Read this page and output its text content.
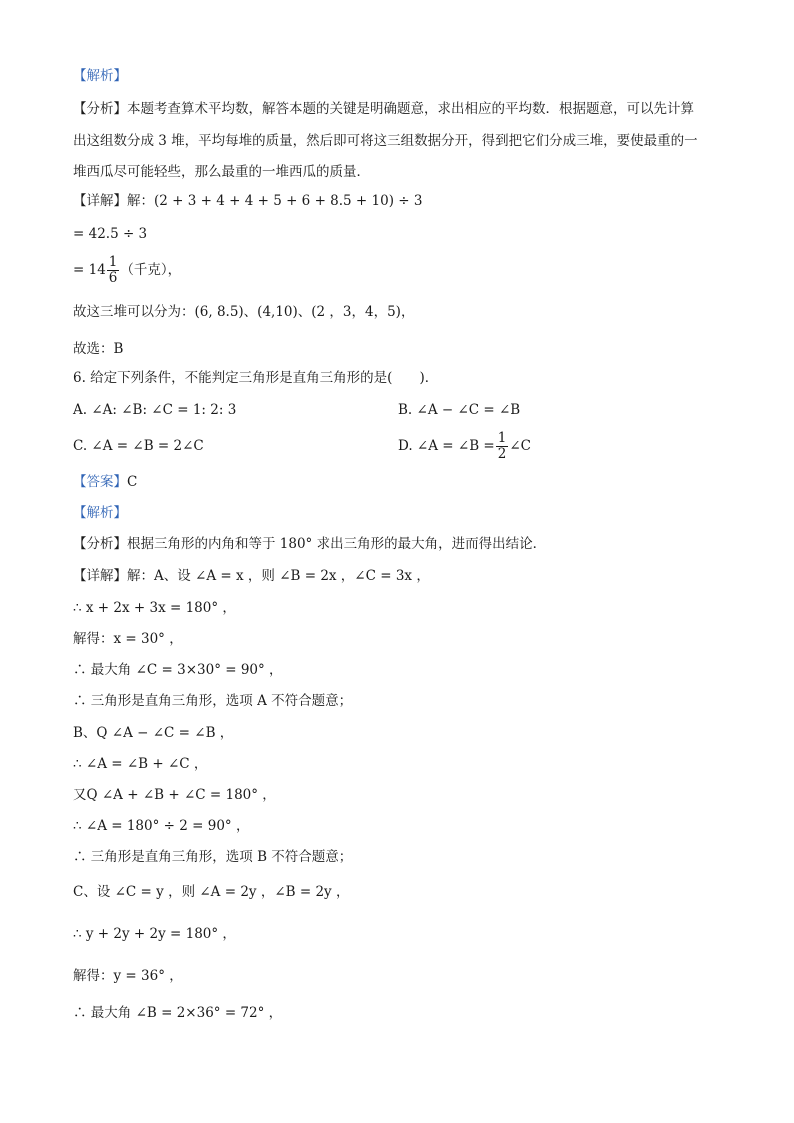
【解析】
【分析】本题考查算术平均数，解答本题的关键是明确题意，求出相应的平均数．根据题意，可以先计算
出这组数分成 3 堆，平均每堆的质量，然后即可将这三组数据分开，得到把它们分成三堆，要使最重的一
堆西瓜尽可能轻些，那么最重的一堆西瓜的质量．
【详解】解：(2 + 3 + 4 + 4 + 5 + 6 + 8.5 + 10) ÷ 3
= 42.5 ÷ 3
= $14 \frac{1}{6}$ （千克），
故这三堆可以分为：(6, 8.5)、(4,10)、(2 ，3，4，5)，
故选：B
6. 给定下列条件，不能判定三角形是直角三角形的是(　　)．
A. ∠A: ∠B: ∠C = 1: 2: 3	B. ∠A − ∠C = ∠B
C. ∠A = ∠B = 2∠C	D. ∠A = ∠B = $\frac{1}{2}$ ∠C
【答案】C
【解析】
【分析】根据三角形的内角和等于 180° 求出三角形的最大角，进而得出结论．
【详解】解：A、设 ∠A = x ，则 ∠B = 2x ，∠C = 3x ，
∴ x + 2x + 3x = 180° ，
解得：x = 30° ，
∴ 最大角 ∠C = 3×30° = 90° ，
∴ 三角形是直角三角形，选项 A 不符合题意；
B、Q ∠A − ∠C = ∠B ，
∴ ∠A = ∠B + ∠C ，
又Q ∠A + ∠B + ∠C = 180° ，
∴ ∠A = 180° ÷ 2 = 90° ，
∴ 三角形是直角三角形，选项 B 不符合题意；
C、设 ∠C = y ，则 ∠A = 2y ，∠B = 2y ，
∴ y + 2y + 2y = 180° ，
解得：y = 36° ，
∴ 最大角 ∠B = 2×36° = 72° ，
